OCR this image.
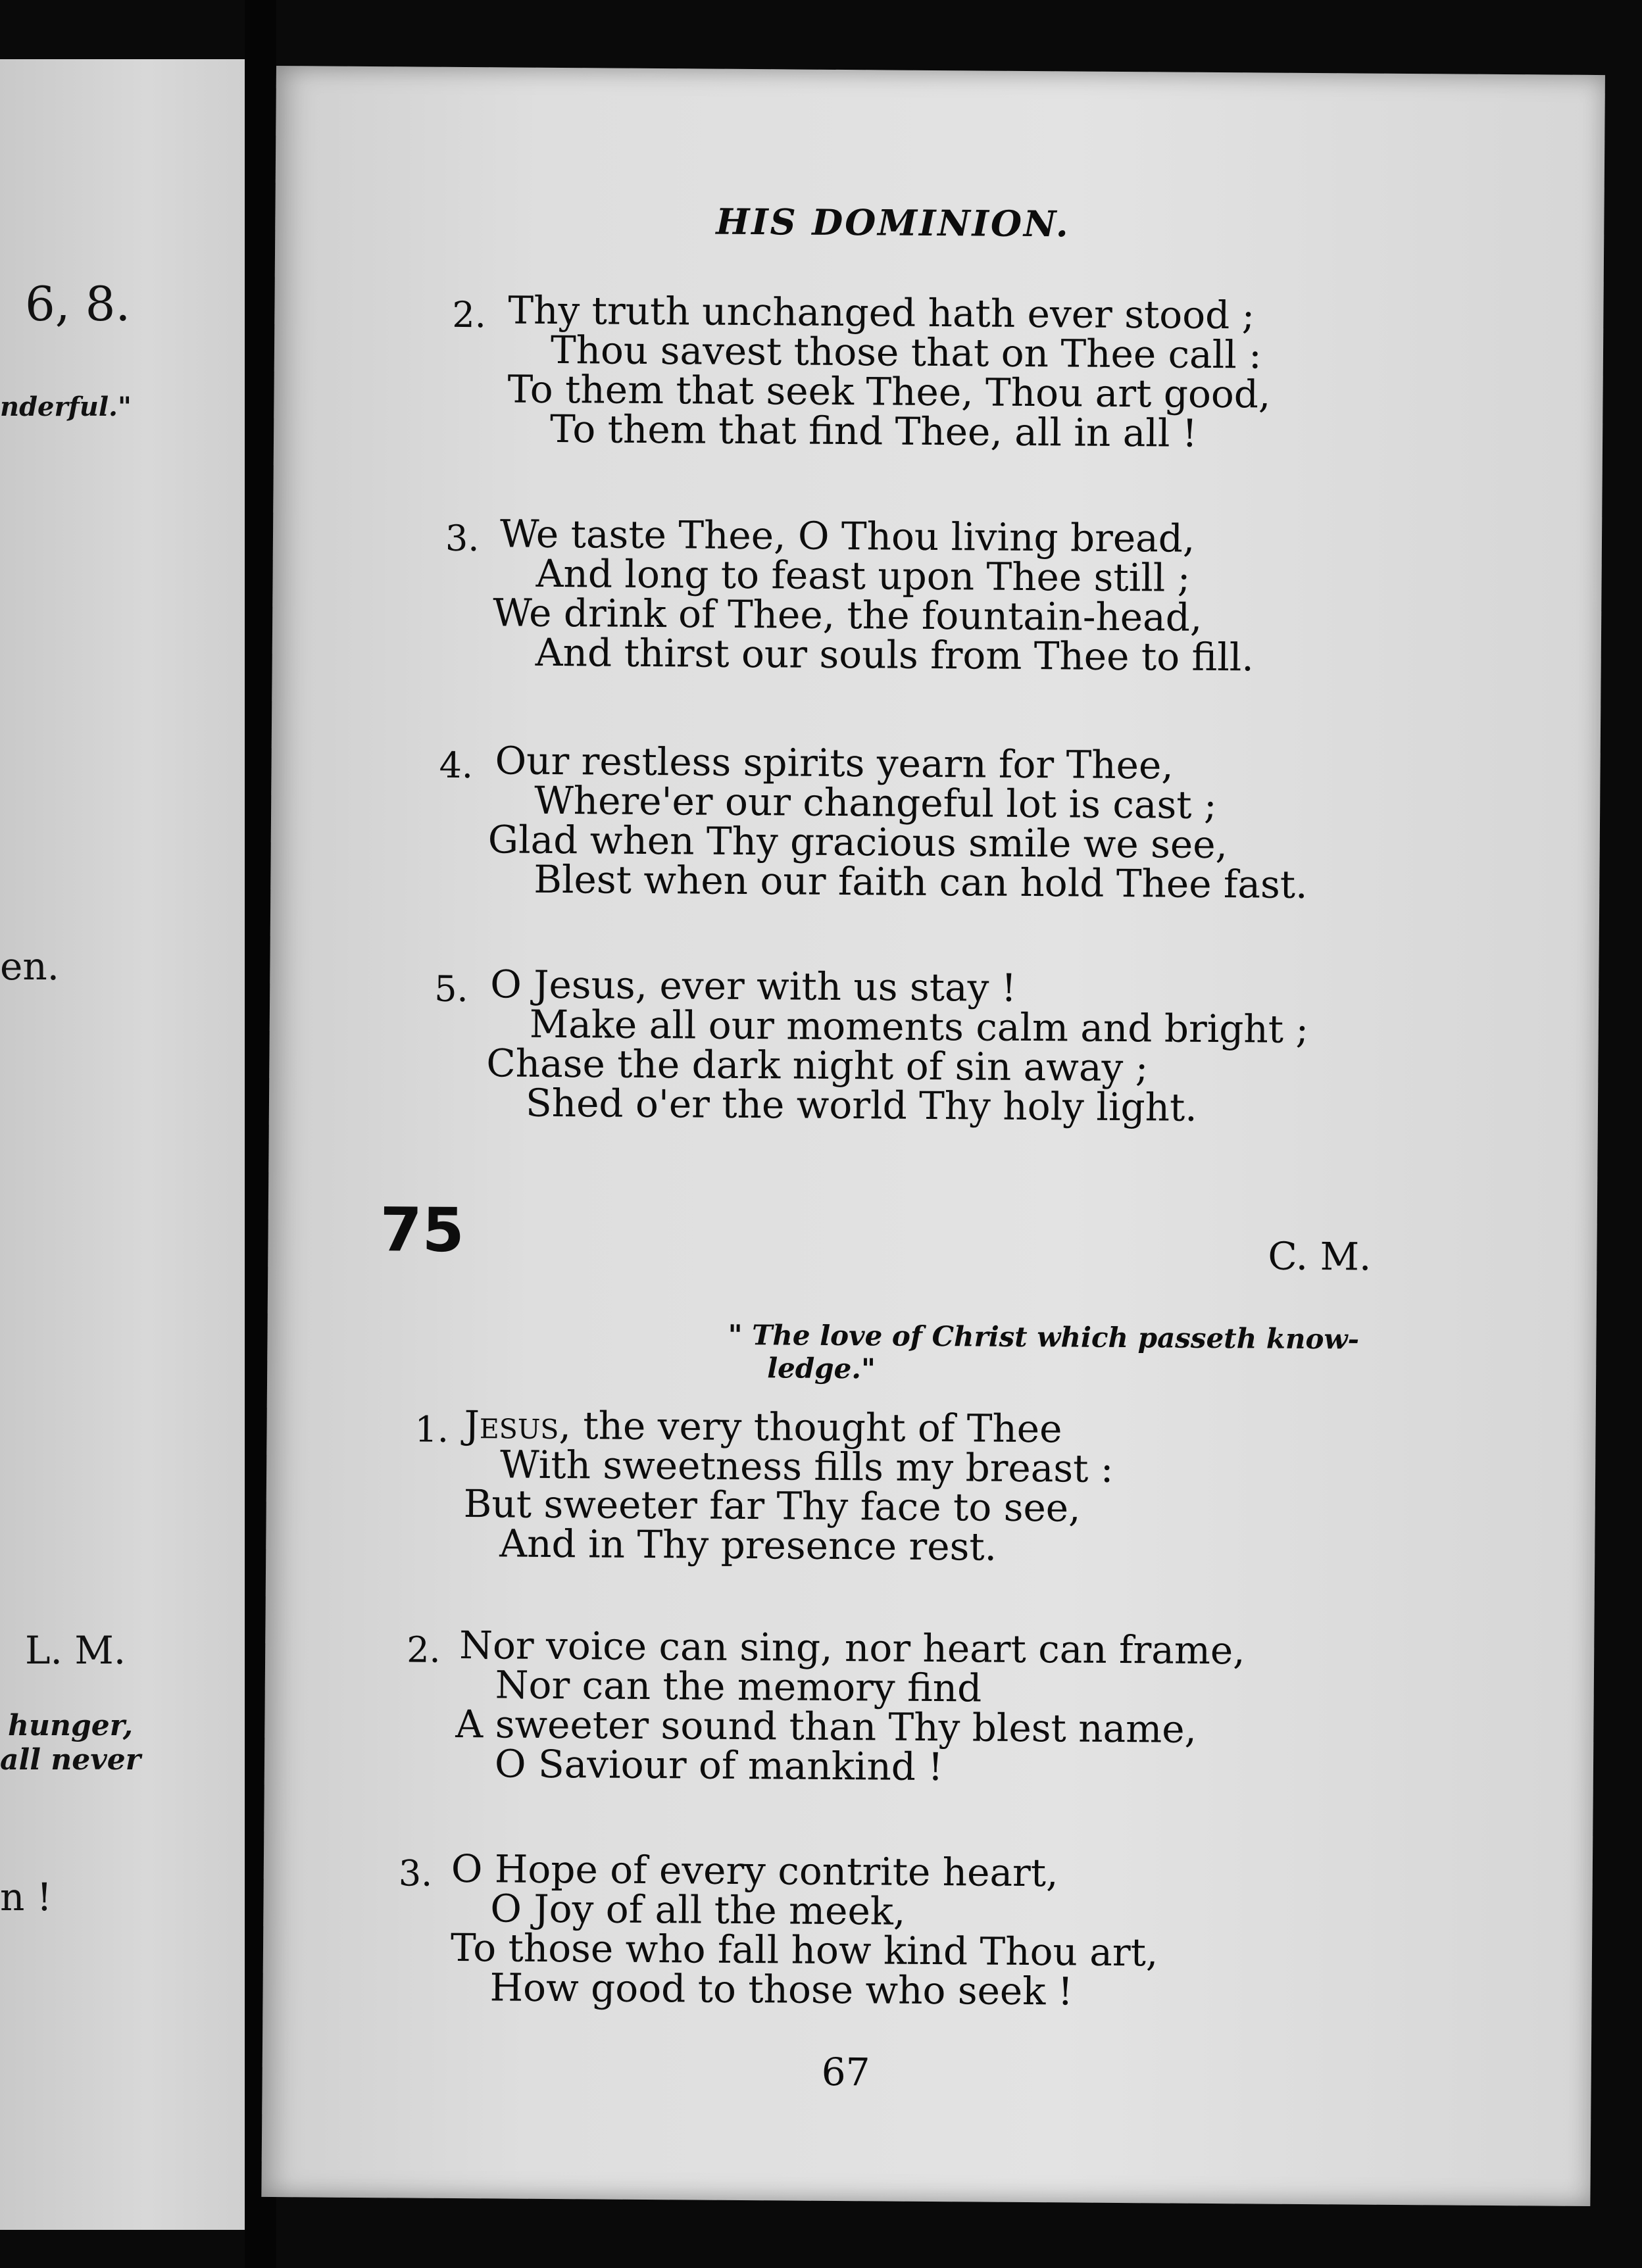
6, 8.
nderful."
en.
L. M.
hunger,
all never
n !
HIS DOMINION.
2. Thy truth unchanged hath ever stood ;
Thou savest those that on Thee call :
To them that seek Thee, Thou art good,
To them that find Thee, all in all !
3. We taste Thee, O Thou living bread,
And long to feast upon Thee still ;
We drink of Thee, the fountain-head,
And thirst our souls from Thee to fill.
4. Our restless spirits yearn for Thee,
Where'er our changeful lot is cast ;
Glad when Thy gracious smile we see,
Blest when our faith can hold Thee fast.
5. O Jesus, ever with us stay !
Make all our moments calm and bright ;
Chase the dark night of sin away ;
Shed o'er the world Thy holy light.
75	C. M.
" The love of Christ which passeth know-
ledge."
1. Jesus, the very thought of Thee
With sweetness fills my breast :
But sweeter far Thy face to see,
And in Thy presence rest.
2. Nor voice can sing, nor heart can frame,
Nor can the memory find
A sweeter sound than Thy blest name,
O Saviour of mankind !
3. O Hope of every contrite heart,
O Joy of all the meek,
To those who fall how kind Thou art,
How good to those who seek !
67
